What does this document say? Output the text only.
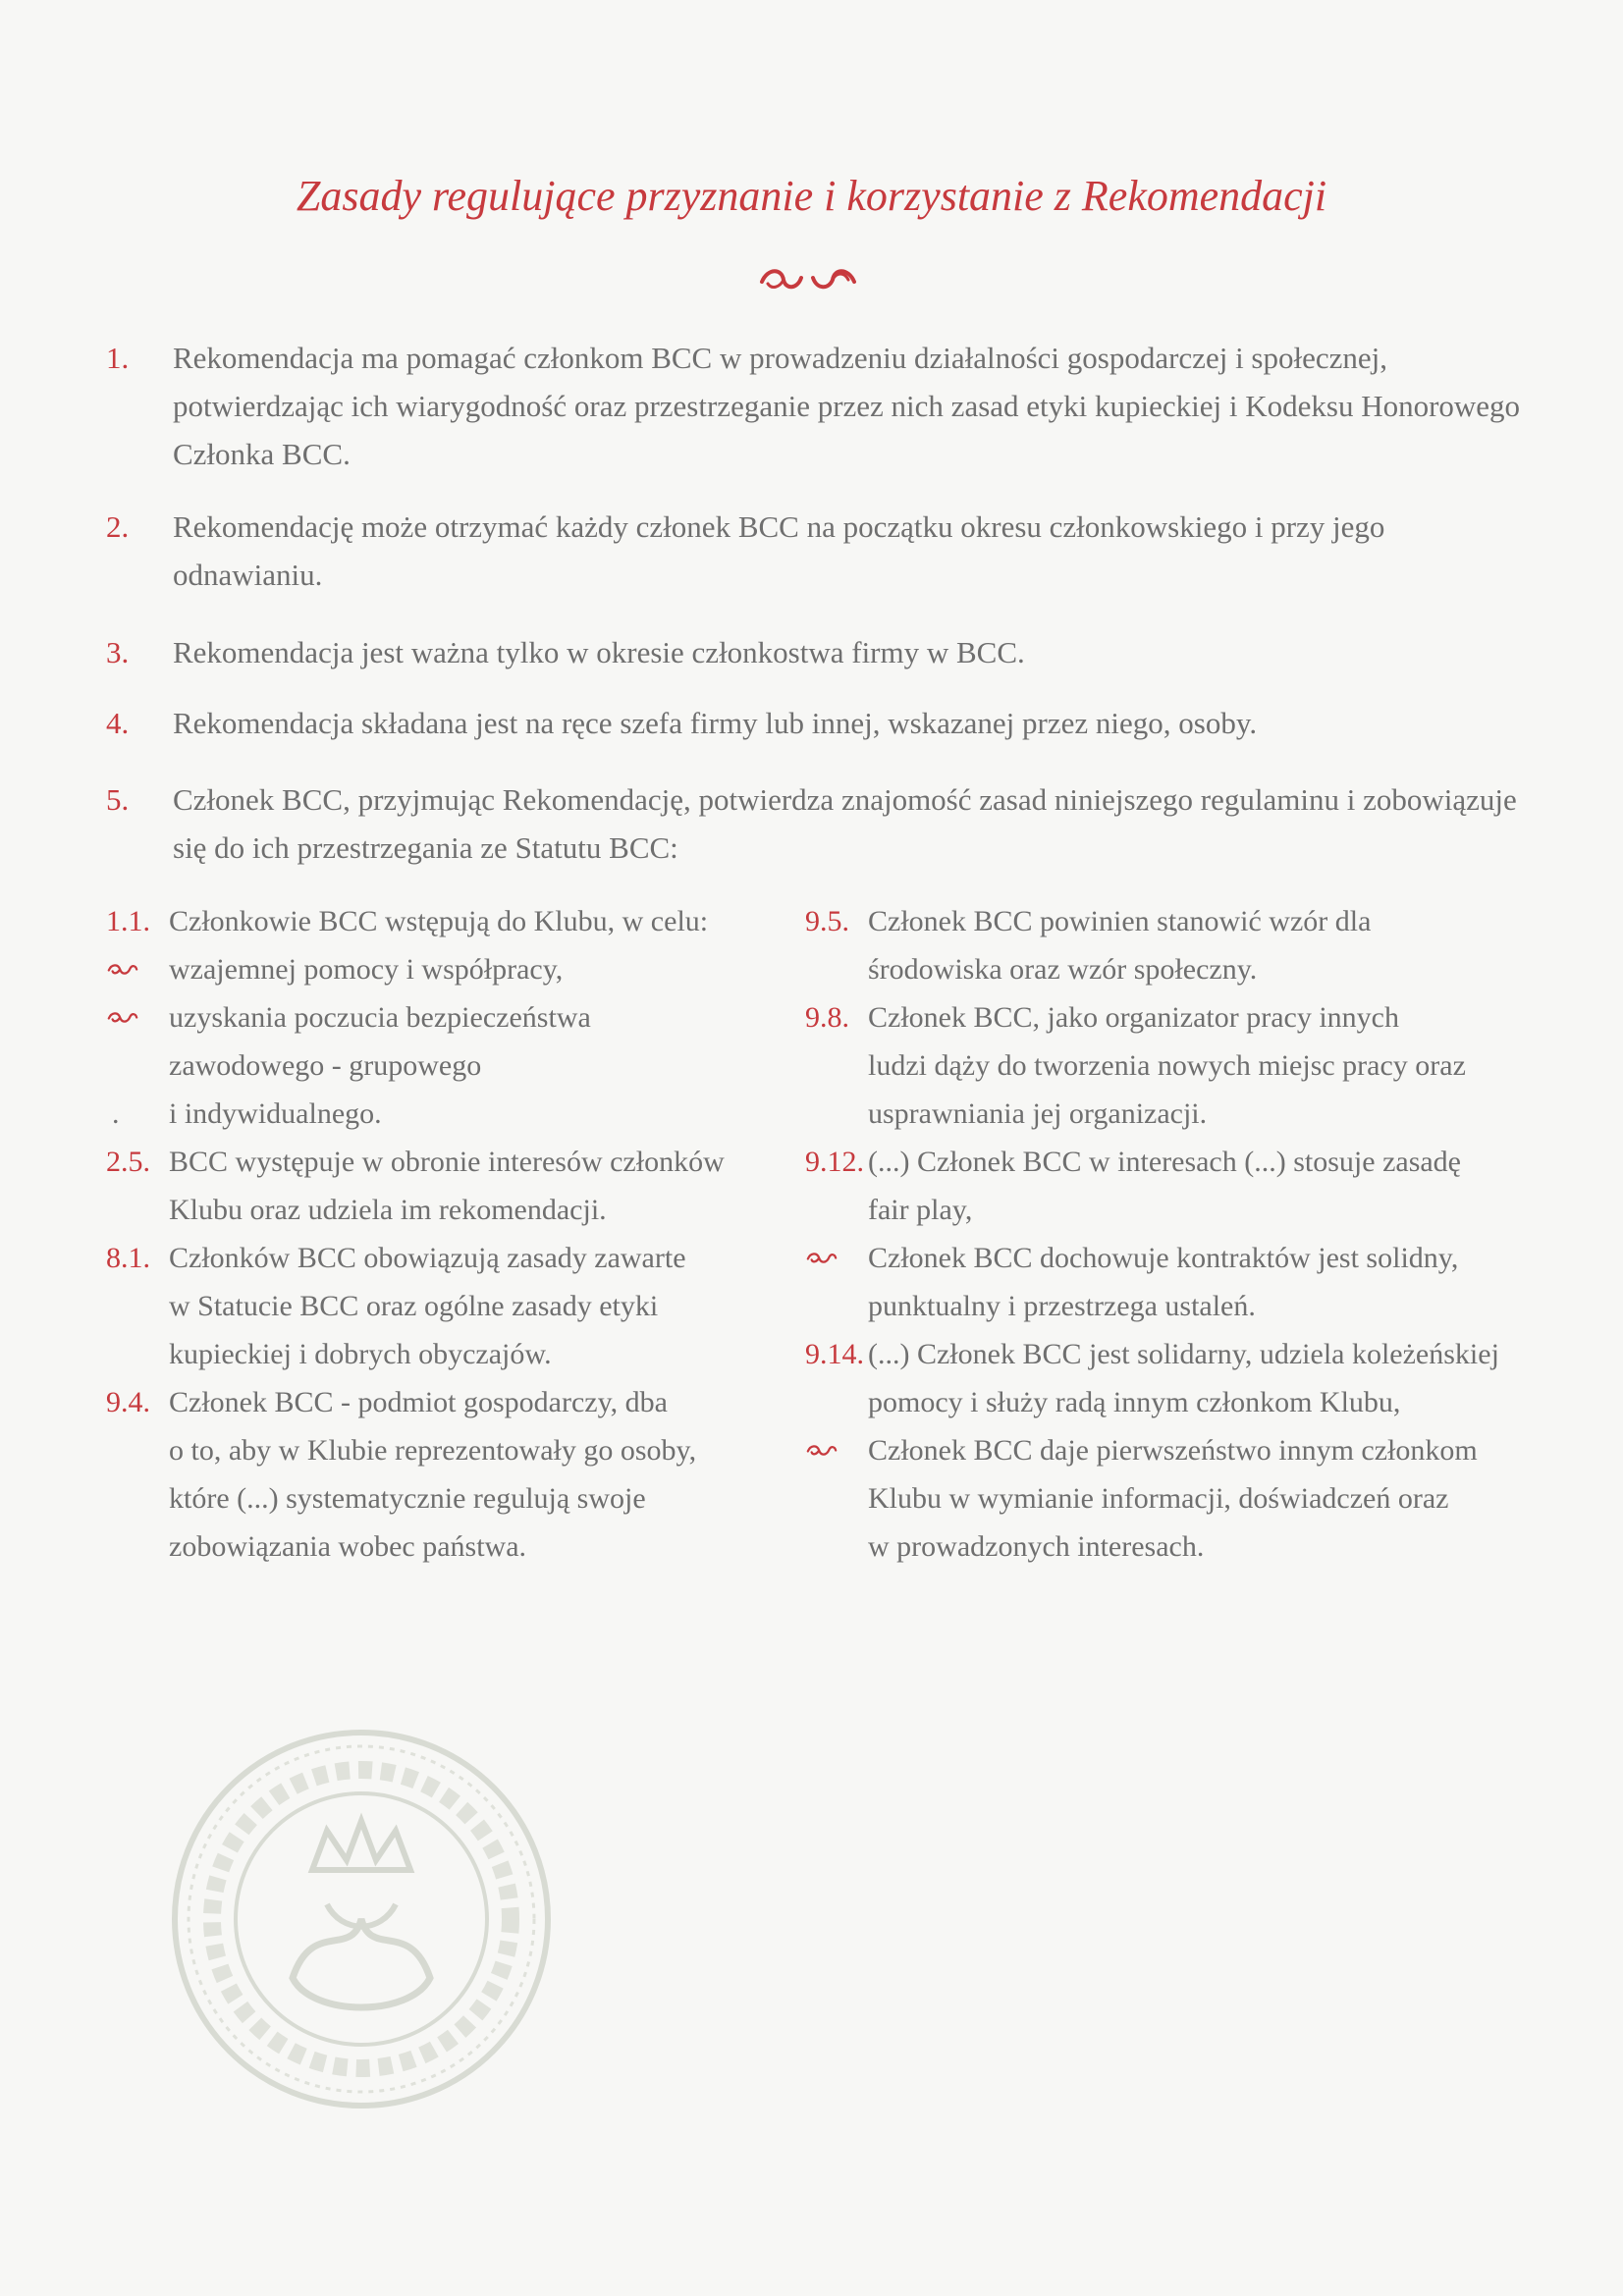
Zasady regulujące przyznanie i korzystanie z Rekomendacji
1.	Rekomendacja ma pomagać członkom BCC w prowadzeniu działalności gospodarczej i społecznej, potwierdzając ich wiarygodność oraz przestrzeganie przez nich zasad etyki kupieckiej i Kodeksu Honorowego Członka BCC.
2.	Rekomendację może otrzymać każdy członek BCC na początku okresu członkowskiego i przy jego odnawianiu.
3.	Rekomendacja jest ważna tylko w okresie członkostwa firmy w BCC.
4.	Rekomendacja składana jest na ręce szefa firmy lub innej, wskazanej przez niego, osoby.
5.	Członek BCC, przyjmując Rekomendację, potwierdza znajomość zasad niniejszego regulaminu i zobowiązuje się do ich przestrzegania ze Statutu BCC:
1.1. Członkowie BCC wstępują do Klubu, w celu:
wzajemnej pomocy i współpracy,
uzyskania poczucia bezpieczeństwa
zawodowego - grupowego
.	i indywidualnego.
2.5. BCC występuje w obronie interesów członków
Klubu oraz udziela im rekomendacji.
8.1. Członków BCC obowiązują zasady zawarte
w Statucie BCC oraz ogólne zasady etyki
kupieckiej i dobrych obyczajów.
9.4. Członek BCC - podmiot gospodarczy, dba
o to, aby w Klubie reprezentowały go osoby,
które (...) systematycznie regulują swoje
zobowiązania wobec państwa.
9.5. Członek BCC powinien stanowić wzór dla
środowiska oraz wzór społeczny.
9.8. Członek BCC, jako organizator pracy innych
ludzi dąży do tworzenia nowych miejsc pracy oraz
usprawniania jej organizacji.
9.12. (...) Członek BCC w interesach (...) stosuje zasadę
fair play,
Członek BCC dochowuje kontraktów jest solidny,
punktualny i przestrzega ustaleń.
9.14. (...) Członek BCC jest solidarny, udziela koleżeńskiej
pomocy i służy radą innym członkom Klubu,
Członek BCC daje pierwszeństwo innym członkom
Klubu w wymianie informacji, doświadczeń oraz
w prowadzonych interesach.
